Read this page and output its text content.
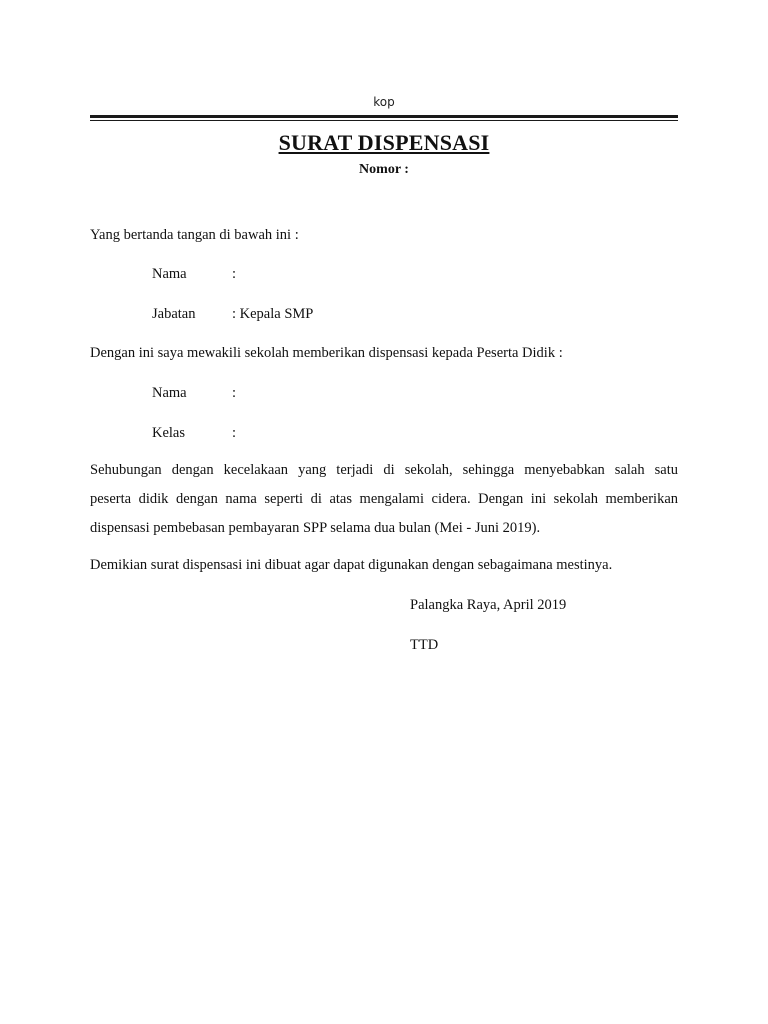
kop
SURAT DISPENSASI
Nomor :
Yang bertanda tangan di bawah ini :
Nama	:
Jabatan	: Kepala SMP
Dengan ini saya mewakili sekolah memberikan dispensasi kepada Peserta Didik :
Nama	:
Kelas	:
Sehubungan dengan kecelakaan yang terjadi di sekolah, sehingga menyebabkan salah satu
peserta didik dengan nama seperti di atas mengalami cidera. Dengan ini sekolah memberikan
dispensasi pembebasan pembayaran SPP selama dua bulan (Mei - Juni 2019).
Demikian surat dispensasi ini dibuat agar dapat digunakan dengan sebagaimana mestinya.
Palangka Raya, April 2019
TTD
